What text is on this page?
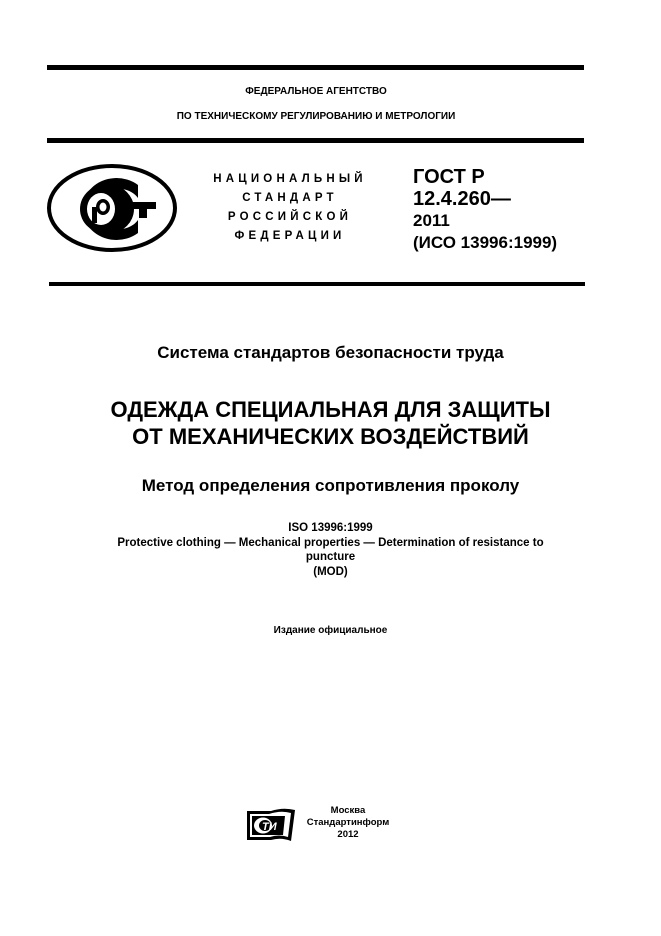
ФЕДЕРАЛЬНОЕ АГЕНТСТВО
ПО ТЕХНИЧЕСКОМУ РЕГУЛИРОВАНИЮ И МЕТРОЛОГИИ
НАЦИОНАЛЬНЫЙ
СТАНДАРТ
РОССИЙСКОЙ
ФЕДЕРАЦИИ
ГОСТ Р
12.4.260—
2011
(ИСО 13996:1999)
Система стандартов безопасности труда
ОДЕЖДА СПЕЦИАЛЬНАЯ ДЛЯ ЗАЩИТЫ
ОТ МЕХАНИЧЕСКИХ ВОЗДЕЙСТВИЙ
Метод определения сопротивления проколу
ISO 13996:1999
Protective clothing — Mechanical properties — Determination of resistance to
puncture
(MOD)
Издание официальное
ТИ
Москва
Стандартинформ
2012
